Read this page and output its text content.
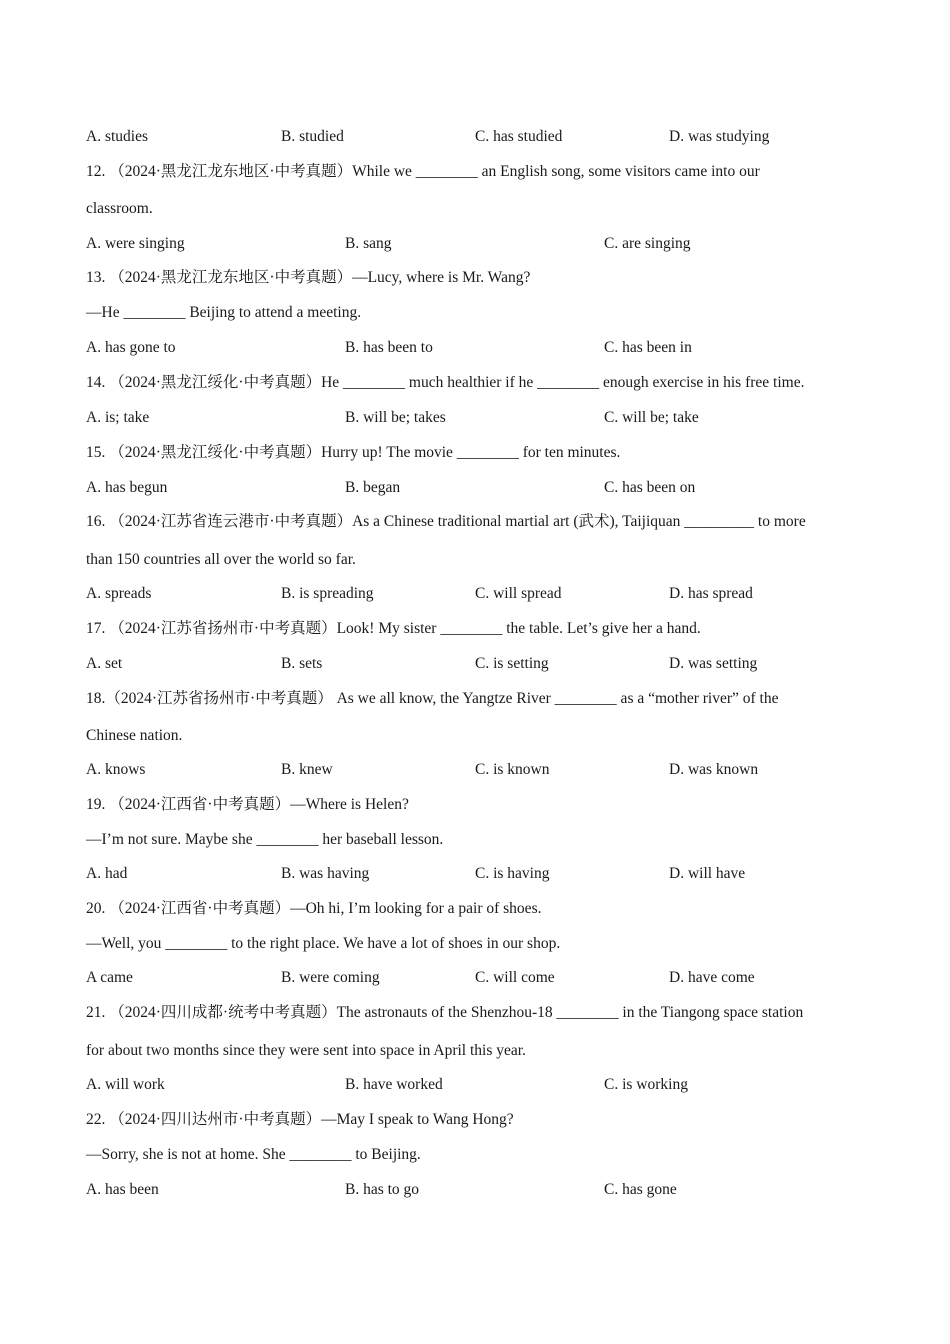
A. studies	B. studied	C. has studied	D. was studying
12. （2024·黑龙江龙东地区·中考真题）While we ________ an English song, some visitors came into our
classroom.
A. were singing	B. sang	C. are singing
13. （2024·黑龙江龙东地区·中考真题）—Lucy, where is Mr. Wang?
—He ________ Beijing to attend a meeting.
A. has gone to	B. has been to	C. has been in
14. （2024·黑龙江绥化·中考真题）He ________ much healthier if he ________ enough exercise in his free time.
A. is; take	B. will be; takes	C. will be; take
15. （2024·黑龙江绥化·中考真题）Hurry up! The movie ________ for ten minutes.
A. has begun	B. began	C. has been on
16. （2024·江苏省连云港市·中考真题）As a Chinese traditional martial art (武术), Taijiquan _________ to more
than 150 countries all over the world so far.
A. spreads	B. is spreading	C. will spread	D. has spread
17. （2024·江苏省扬州市·中考真题）Look! My sister ________ the table. Let’s give her a hand.
A. set	B. sets	C. is setting	D. was setting
18.（2024·江苏省扬州市·中考真题） As we all know, the Yangtze River ________ as a “mother river” of the
Chinese nation.
A. knows	B. knew	C. is known	D. was known
19. （2024·江西省·中考真题）—Where is Helen?
—I’m not sure. Maybe she ________ her baseball lesson.
A. had	B. was having	C. is having	D. will have
20. （2024·江西省·中考真题）—Oh hi, I’m looking for a pair of shoes.
—Well, you ________ to the right place. We have a lot of shoes in our shop.
A came	B. were coming	C. will come	D. have come
21. （2024·四川成都·统考中考真题）The astronauts of the Shenzhou-18 ________ in the Tiangong space station
for about two months since they were sent into space in April this year.
A. will work	B. have worked	C. is working
22. （2024·四川达州市·中考真题）—May I speak to Wang Hong?
—Sorry, she is not at home. She ________ to Beijing.
A. has been	B. has to go	C. has gone
